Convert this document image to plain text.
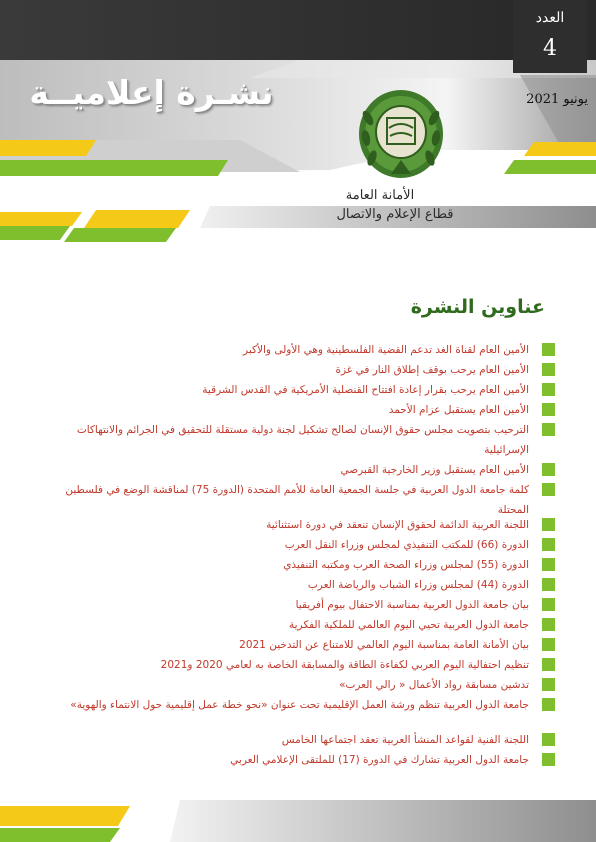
العدد
4
نشـرة إعلاميــة	يونيو 2021
الأمانة العامة
قطاع الإعلام والاتصال
عناوين النشرة
الأمين العام لقناة الغد تدعم القضية الفلسطينية وهي الأولى والأكبر
الأمين العام يرحب بوقف إطلاق النار في غزة
الأمين العام يرحب بقرار إعادة افتتاح القنصلية الأمريكية في القدس الشرقية
الأمين العام يستقبل عزام الأحمد
الترحيب بتصويت مجلس حقوق الإنسان لصالح تشكيل لجنة دولية مستقلة للتحقيق في الجرائم والانتهاكات الإسرائيلية
الأمين العام يستقبل وزير الخارجية القبرصي
كلمة جامعة الدول العربية في جلسة الجمعية العامة للأمم المتحدة (الدورة 75) لمناقشة الوضع في فلسطين المحتلة
اللجنة العربية الدائمة لحقوق الإنسان تنعقد في دورة استثنائية
الدورة (66) للمكتب التنفيذي لمجلس وزراء النقل العرب
الدورة (55) لمجلس وزراء الصحة العرب ومكتبه التنفيذي
الدورة (44) لمجلس وزراء الشباب والرياضة العرب
بيان جامعة الدول العربية بمناسبة الاحتفال بيوم أفريقيا
جامعة الدول العربية تحيي اليوم العالمي للملكية الفكرية
بيان الأمانة العامة بمناسبة اليوم العالمي للامتناع عن التدخين 2021
تنظيم احتفالية اليوم العربي لكفاءة الطاقة والمسابقة الخاصة به لعامي 2020 و2021
تدشين مسابقة رواد الأعمال « رالي العرب»
جامعة الدول العربية تنظم ورشة العمل الإقليمية تحت عنوان «نحو خطة عمل إقليمية حول الانتماء والهوية»
اللجنة الفنية لقواعد المنشأ العربية تعقد اجتماعها الخامس
جامعة الدول العربية تشارك في الدورة (17) للملتقى الإعلامي العربي
